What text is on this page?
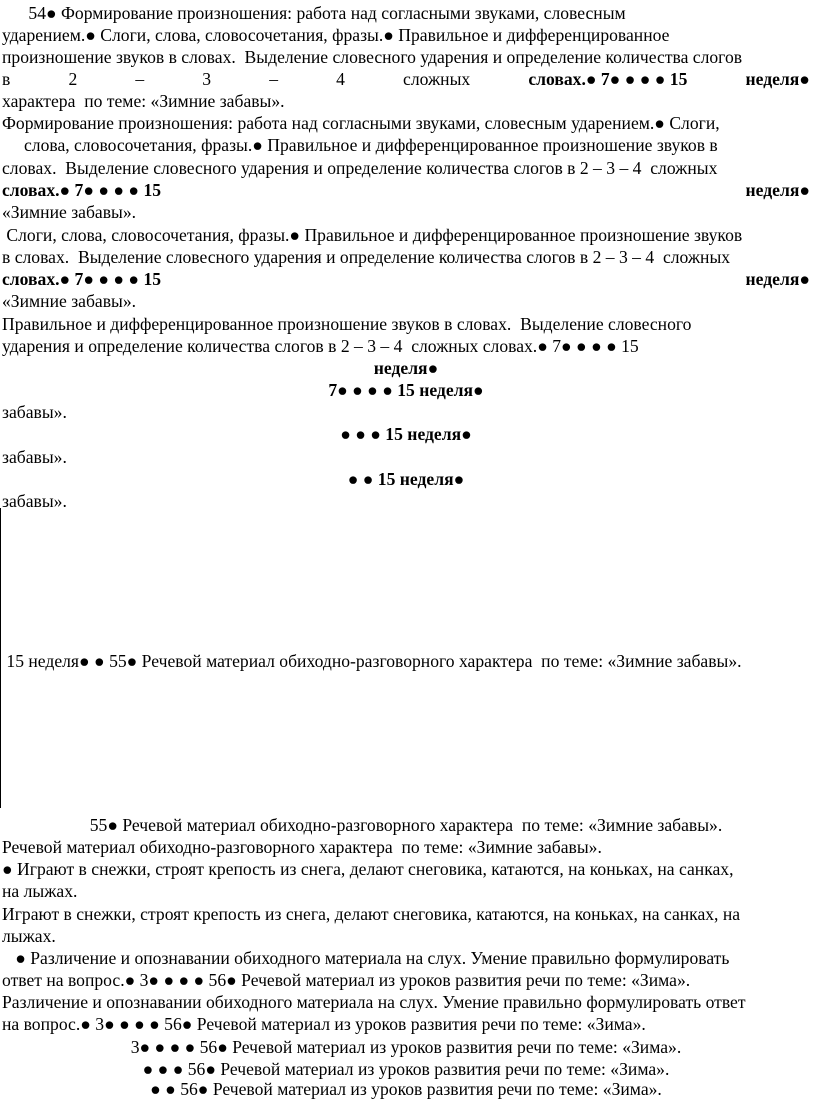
54● Формирование произношения: работа над согласными звуками, словесным
ударением.● Слоги, слова, словосочетания, фразы.● Правильное и дифференцированное
произношение звуков в словах.  Выделение словесного ударения и определение количества слогов
в	2	–	3	–	4	сложных	словах.● 7● ● ● ● 15	неделя●
характера  по теме: «Зимние забавы».
Формирование произношения: работа над согласными звуками, словесным ударением.● Слоги,
слова, словосочетания, фразы.● Правильное и дифференцированное произношение звуков в
словах.  Выделение словесного ударения и определение количества слогов в 2 – 3 – 4  сложных
словах.● 7● ● ● ● 15	неделя●
«Зимние забавы».
Слоги, слова, словосочетания, фразы.● Правильное и дифференцированное произношение звуков
в словах.  Выделение словесного ударения и определение количества слогов в 2 – 3 – 4  сложных
словах.● 7● ● ● ● 15	неделя●
«Зимние забавы».
Правильное и дифференцированное произношение звуков в словах.  Выделение словесного
ударения и определение количества слогов в 2 – 3 – 4  сложных словах.● 7● ● ● ● 15
неделя●
7● ● ● ● 15 неделя●
забавы».
● ● ● 15 неделя●
забавы».
● ● 15 неделя●
забавы».
15 неделя● ● 55● Речевой материал обиходно-разговорного характера  по теме: «Зимние забавы».
55● Речевой материал обиходно-разговорного характера  по теме: «Зимние забавы».
Речевой материал обиходно-разговорного характера  по теме: «Зимние забавы».
● Играют в снежки, строят крепость из снега, делают снеговика, катаются, на коньках, на санках,
на лыжах.
Играют в снежки, строят крепость из снега, делают снеговика, катаются, на коньках, на санках, на
лыжах.
● Различение и опознавании обиходного материала на слух. Умение правильно формулировать
ответ на вопрос.● 3● ● ● ● 56● Речевой материал из уроков развития речи по теме: «Зима».
Различение и опознавании обиходного материала на слух. Умение правильно формулировать ответ
на вопрос.● 3● ● ● ● 56● Речевой материал из уроков развития речи по теме: «Зима».
3● ● ● ● 56● Речевой материал из уроков развития речи по теме: «Зима».
● ● ● 56● Речевой материал из уроков развития речи по теме: «Зима».
● ● 56● Речевой материал из уроков развития речи по теме: «Зима».
